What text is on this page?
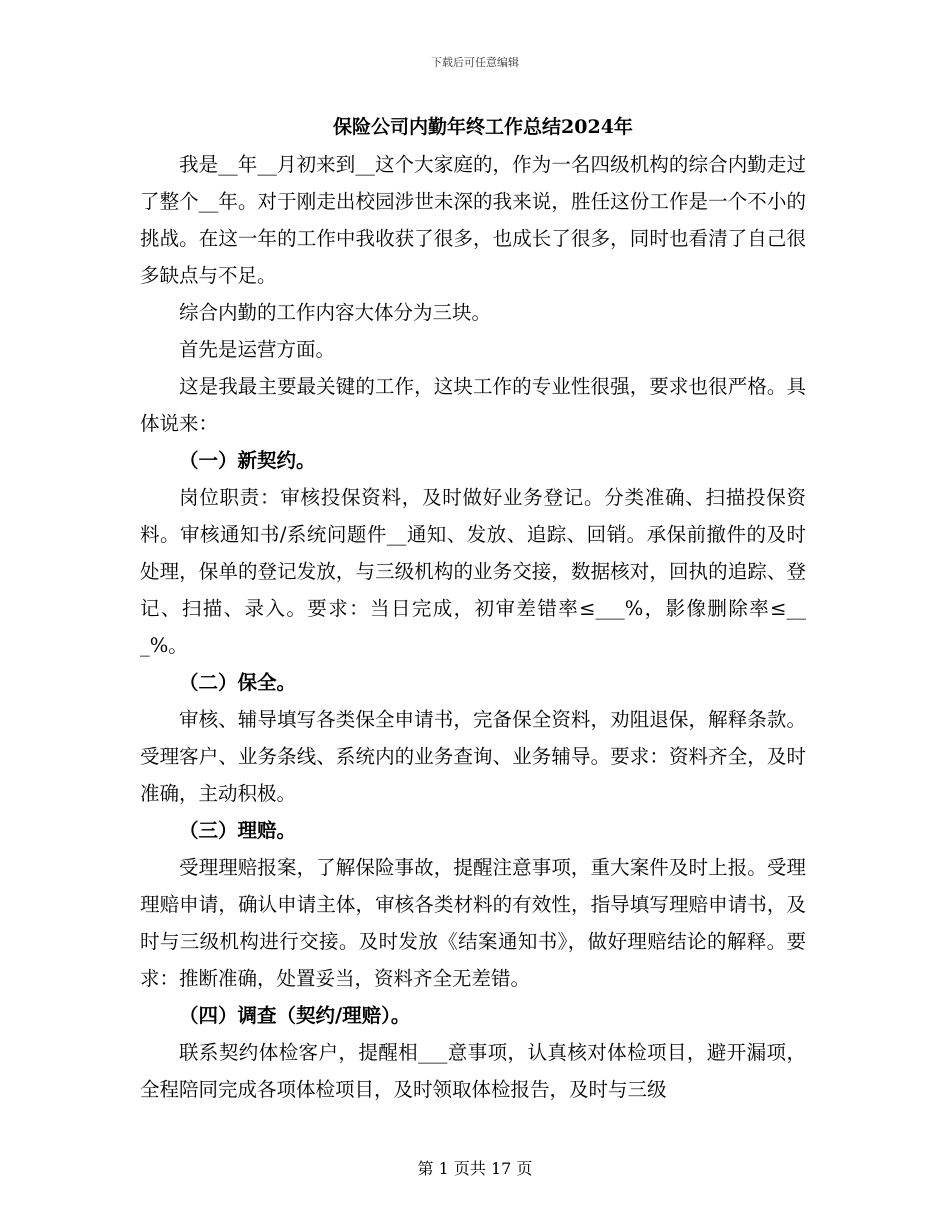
下载后可任意编辑
保险公司内勤年终工作总结2024年

我是__年__月初来到__这个大家庭的，作为一名四级机构的综合内勤走过了整个__年。对于刚走出校园涉世未深的我来说，胜任这份工作是一个不小的挑战。在这一年的工作中我收获了很多，也成长了很多，同时也看清了自己很多缺点与不足。

综合内勤的工作内容大体分为三块。

首先是运营方面。

这是我最主要最关键的工作，这块工作的专业性很强，要求也很严格。具体说来：

（一）新契约。

岗位职责：审核投保资料，及时做好业务登记。分类准确、扫描投保资料。审核通知书/系统问题件__通知、发放、追踪、回销。承保前撤件的及时处理，保单的登记发放，与三级机构的业务交接，数据核对，回执的追踪、登记、扫描、录入。要求：当日完成，初审差错率≤___%，影像删除率≤___%。

（二）保全。

审核、辅导填写各类保全申请书，完备保全资料，劝阻退保，解释条款。受理客户、业务条线、系统内的业务查询、业务辅导。要求：资料齐全，及时准确，主动积极。

（三）理赔。

受理理赔报案，了解保险事故，提醒注意事项，重大案件及时上报。受理理赔申请，确认申请主体，审核各类材料的有效性，指导填写理赔申请书，及时与三级机构进行交接。及时发放《结案通知书》，做好理赔结论的解释。要求：推断准确，处置妥当，资料齐全无差错。

（四）调查（契约/理赔）。

联系契约体检客户，提醒相___意事项，认真核对体检项目，避开漏项，全程陪同完成各项体检项目，及时领取体检报告，及时与三级

第 1 页共 17 页
